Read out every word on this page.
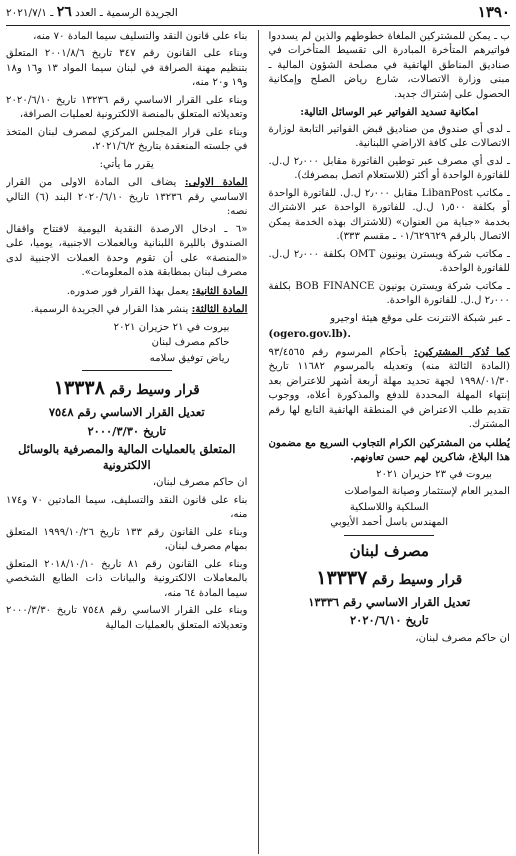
١٣٩٠
الجريدة الرسمية ـ العدد ٢٦ ـ ٢٠٢١/٧/١

ب ـ يمكن للمشتركين الملغاة خطوطهم والذين لم يسددوا فواتيرهم المتأخرة المبادرة الى تقسيط المتأخرات في صناديق المناطق الهاتفية في مصلحة الشؤون المالية ـ مبنى وزارة الاتصالات، شارع رياض الصلح وإمكانية الحصول على إشتراك جديد.

امكانية تسديد الفواتير عبر الوسائل التالية:

ـ لدى أي صندوق من صناديق قبض الفواتير التابعة لوزارة الاتصالات على كافة الاراضي اللبنانية.

ـ لدى أي مصرف عبر توطين الفاتورة مقابل ٢٫٠٠٠ ل.ل. للفاتورة الواحدة أو أكثر (للاستعلام اتصل بمصرفك).

ـ مكاتب LibanPost مقابل ٢٫٠٠٠ ل.ل. للفاتورة الواحدة أو بكلفة ١٫٥٠٠ ل.ل. للفاتورة الواحدة عبر الاشتراك بخدمة «جباية من العنوان» (للاشتراك بهذه الخدمة يمكن الاتصال بالرقم ٠١/٦٢٩٦٢٩ ـ مقسم ٣٣٣).

ـ مكاتب شركة ويسترن يونيون OMT بكلفة ٢٫٠٠٠ ل.ل. للفاتورة الواحدة.

ـ مكاتب شركة ويسترن يونيون BOB FINANCE بكلفة ٢٫٠٠٠ ل.ل. للفاتورة الواحدة.

ـ عبر شبكة الانترنت على موقع هيئة اوجيرو

(ogero.gov.lb).

كما تُذكر المشتركين: بأحكام المرسوم رقم ٩٣/٤٥٦٥ (المادة الثالثة منه) وتعديله بالمرسوم ١١٦٨٢ تاريخ ١٩٩٨/٠١/٣٠ لجهة تحديد مهلة أربعة أشهر للاعتراض بعد إنتهاء المهلة المحددة للدفع والمذكورة أعلاه، ووجوب تقديم طلب الاعتراض في المنطقة الهاتفية التابع لها رقم المشترك.

يُطلب من المشتركين الكرام التجاوب السريع مع مضمون هذا البلاغ، شاكرين لهم حسن تعاونهم.

بيروت في ٢٣ حزيران ٢٠٢١

المدير العام لإستثمار وصيانة المواصلات

السلكية واللاسلكية

المهندس باسل أحمد الأيوبي

مصرف لبنان

قرار وسيط رقم ١٣٣٣٧

تعديل القرار الاساسي رقم ١٣٣٣٦

تاريخ ٢٠٢٠/٦/١٠

ان حاكم مصرف لبنان،

بناء على قانون النقد والتسليف سيما المادة ٧٠ منه،

وبناء على القانون رقم ٣٤٧ تاريخ ٢٠٠١/٨/٦ المتعلق بتنظيم مهنة الصرافة في لبنان سيما المواد ١٣ و١٦ و١٨ و١٩ و٢٠ منه،

وبناء على القرار الاساسي رقم ١٣٢٣٦ تاريخ ٢٠٢٠/٦/١٠ وتعديلاته المتعلق بالمنصة الالكترونية لعمليات الصرافة،

وبناء على قرار المجلس المركزي لمصرف لبنان المتخذ في جلسته المنعقدة بتاريخ ٢٠٢١/٦/٢،

يقرر ما يأتي:

المادة الاولى: يضاف الى المادة الاولى من القرار الاساسي رقم ١٣٢٣٦ تاريخ ٢٠٢٠/٦/١٠ البند (٦) التالي نصه:

«٦ ـ ادخال الارصدة النقدية اليومية لافتتاح واقفال الصندوق بالليرة اللبنانية وبالعملات الاجنبية، يوميا، على «المنصة» على أن تقوم وحدة العملات الاجنبية لدى مصرف لبنان بمطابقة هذه المعلومات».

المادة الثانية: يعمل بهذا القرار فور صدوره.

المادة الثالثة: ينشر هذا القرار في الجريدة الرسمية.

بيروت في ٢١ حزيران ٢٠٢١

حاكم مصرف لبنان

رياض توفيق سلامه

قرار وسيط رقم ١٣٣٣٨

تعديل القرار الاساسي رقم ٧٥٤٨

تاريخ ٢٠٠٠/٣/٣٠

المتعلق بالعمليات المالية والمصرفية بالوسائل الالكترونية

ان حاكم مصرف لبنان،

بناء على قانون النقد والتسليف، سيما المادتين ٧٠ و١٧٤ منه،

وبناء على القانون رقم ١٣٣ تاريخ ١٩٩٩/١٠/٢٦ المتعلق بمهام مصرف لبنان،

وبناء على القانون رقم ٨١ تاريخ ٢٠١٨/١٠/١٠ المتعلق بالمعاملات الالكترونية والبيانات ذات الطابع الشخصي سيما المادة ٦٤ منه،

وبناء على القرار الاساسي رقم ٧٥٤٨ تاريخ ٢٠٠٠/٣/٣٠ وتعديلاته المتعلق بالعمليات المالية
